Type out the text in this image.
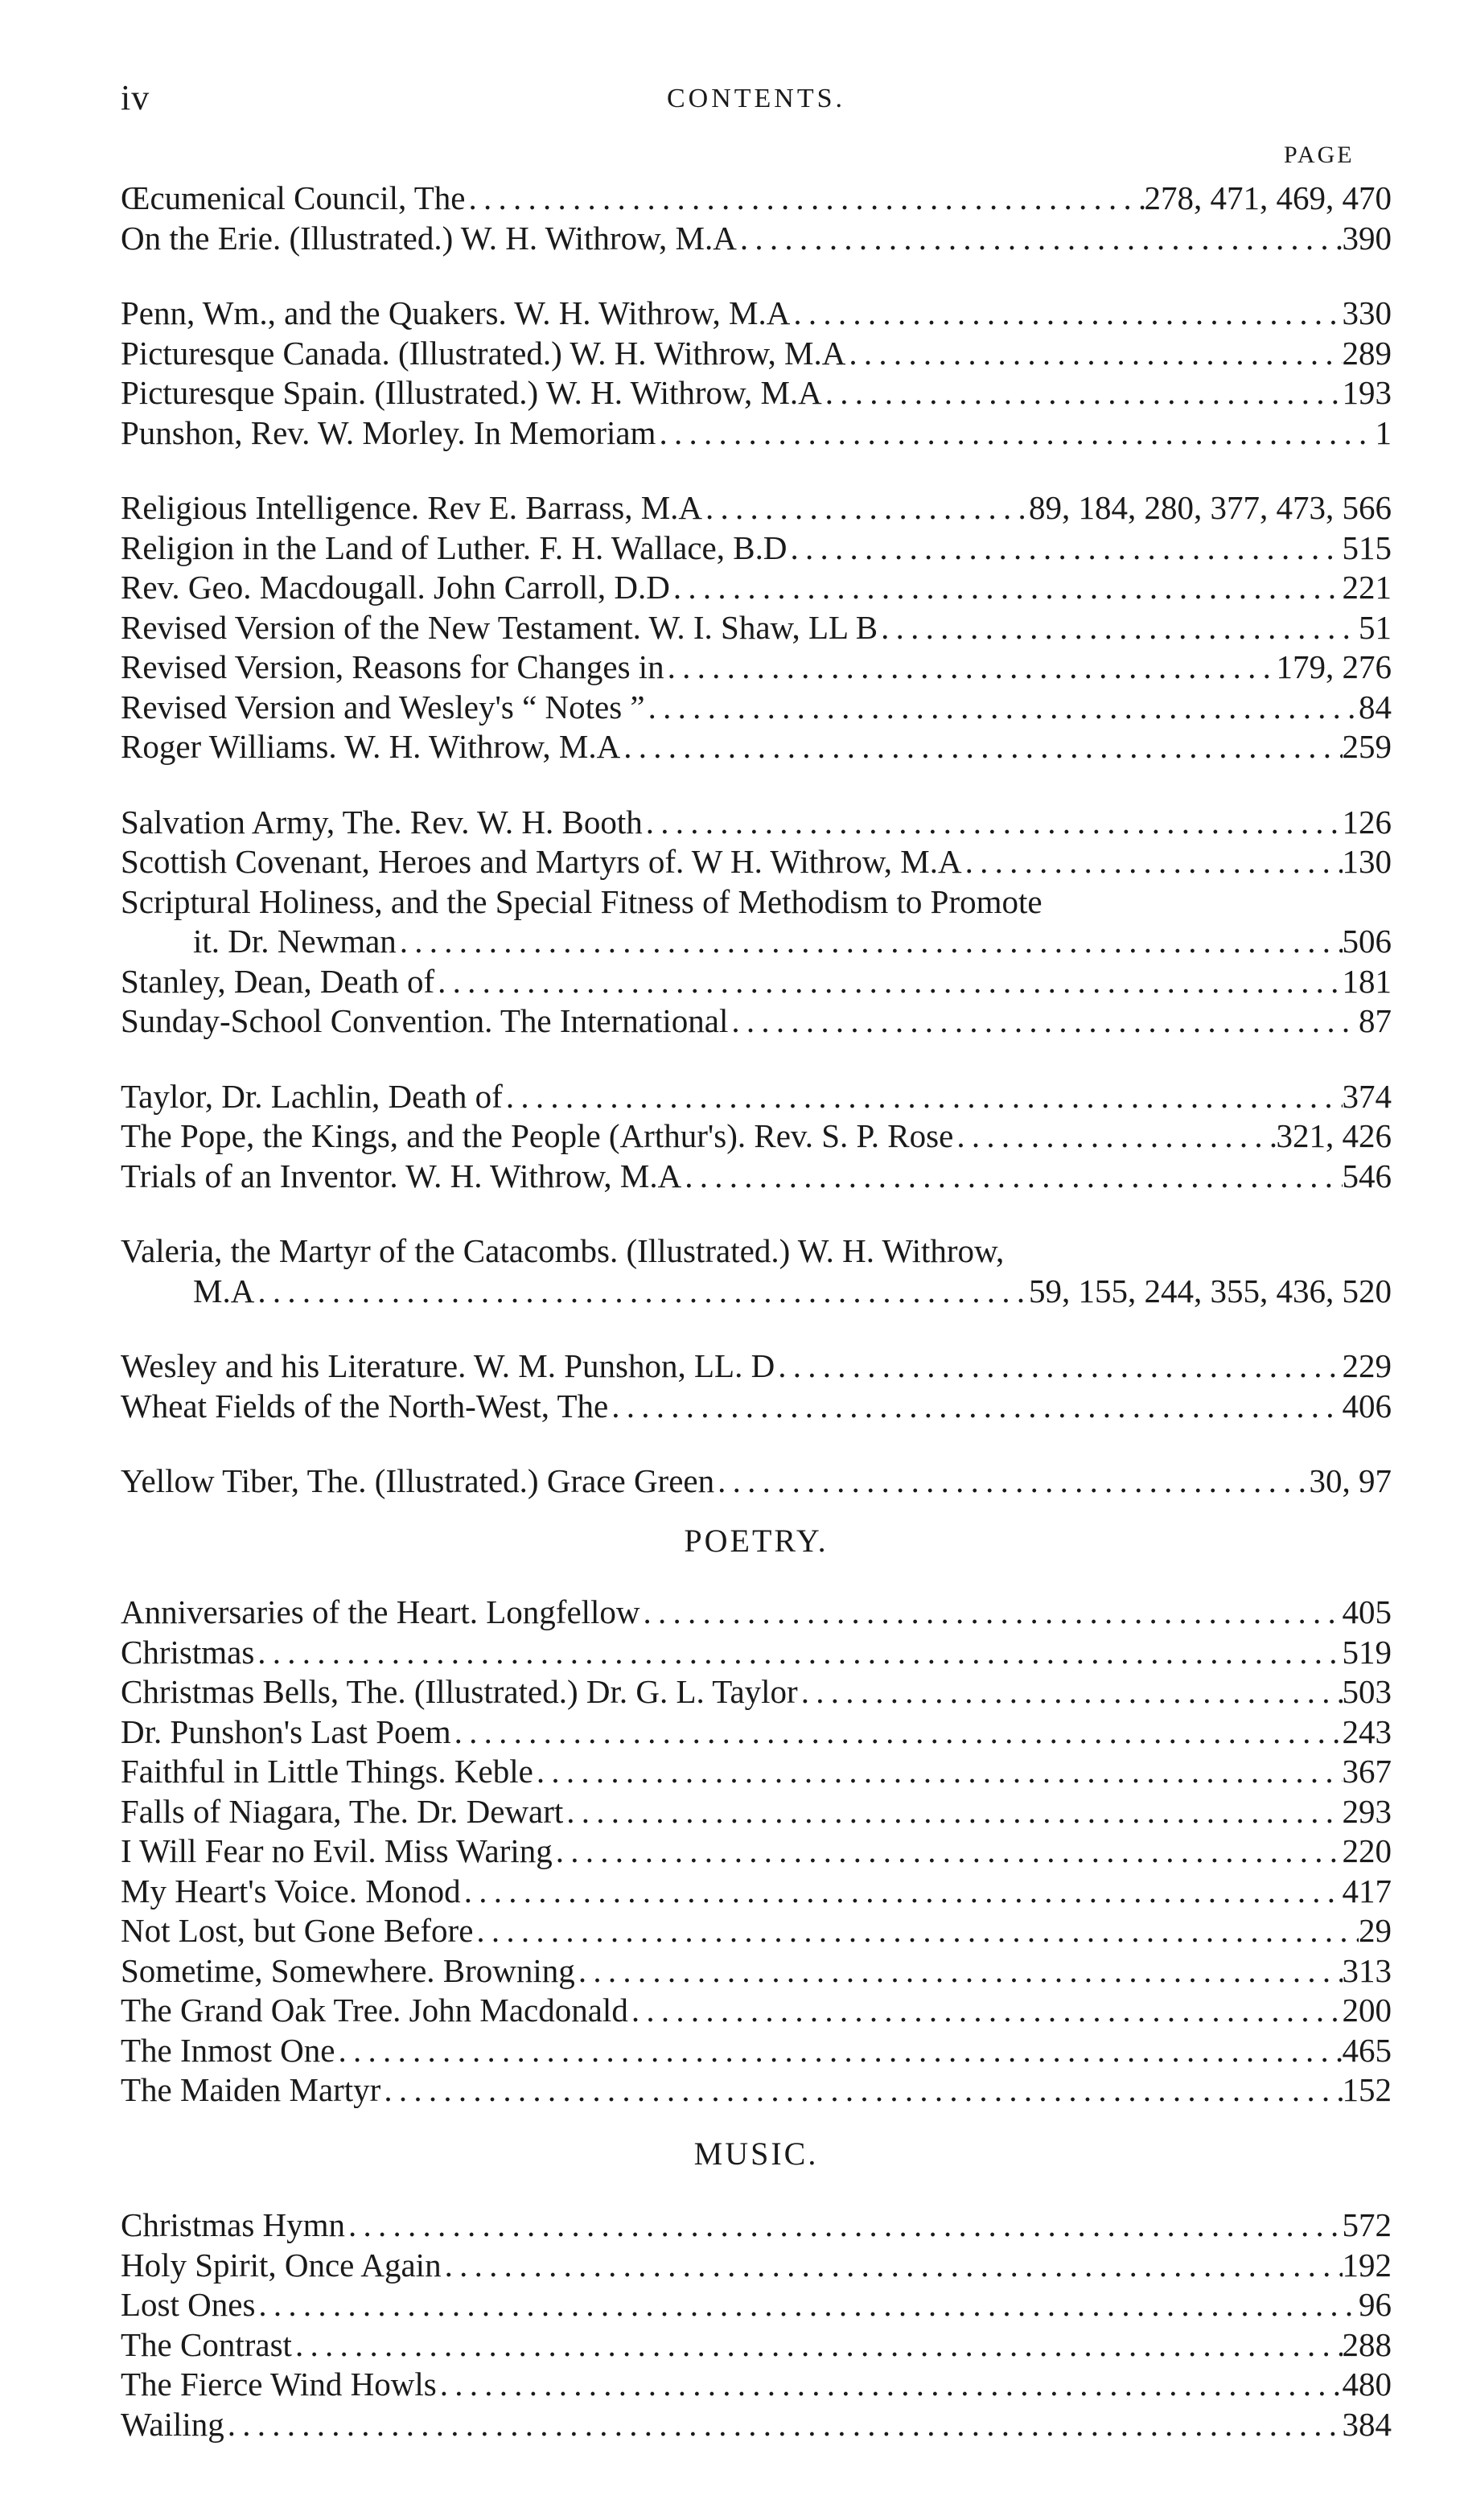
iv	CONTENTS.
PAGE
Œcumenical Council, The . . .	278, 471, 469, 470
On the Erie. (Illustrated.) W. H. Withrow, M.A . . .	390
Penn, Wm., and the Quakers. W. H. Withrow, M.A . . .	330
Picturesque Canada. (Illustrated.) W. H. Withrow, M.A . . .	289
Picturesque Spain. (Illustrated.) W. H. Withrow, M.A . . .	193
Punshon, Rev. W. Morley. In Memoriam . . .	1
Religious Intelligence. Rev E. Barrass, M.A . . .	89, 184, 280, 377, 473, 566
Religion in the Land of Luther. F. H. Wallace, B.D . . .	515
Rev. Geo. Macdougall. John Carroll, D.D . . .	221
Revised Version of the New Testament. W. I. Shaw, LL B . . .	51
Revised Version, Reasons for Changes in . . .	179, 276
Revised Version and Wesley's “ Notes ” . . .	84
Roger Williams. W. H. Withrow, M.A . . .	259
Salvation Army, The. Rev. W. H. Booth . . .	126
Scottish Covenant, Heroes and Martyrs of. W H. Withrow, M.A . . .	130
Scriptural Holiness, and the Special Fitness of Methodism to Promote
it. Dr. Newman . . .	506
Stanley, Dean, Death of . . .	181
Sunday-School Convention. The International . . .	87
Taylor, Dr. Lachlin, Death of . . .	374
The Pope, the Kings, and the People (Arthur's). Rev. S. P. Rose . . .	321, 426
Trials of an Inventor. W. H. Withrow, M.A . . .	546
Valeria, the Martyr of the Catacombs. (Illustrated.) W. H. Withrow,
M.A . . .	59, 155, 244, 355, 436, 520
Wesley and his Literature. W. M. Punshon, LL. D . . .	229
Wheat Fields of the North-West, The . . .	406
Yellow Tiber, The. (Illustrated.) Grace Green . . .	30, 97
POETRY.
Anniversaries of the Heart. Longfellow . . .	405
Christmas . . .	519
Christmas Bells, The. (Illustrated.) Dr. G. L. Taylor . . .	503
Dr. Punshon's Last Poem . . .	243
Faithful in Little Things. Keble . . .	367
Falls of Niagara, The. Dr. Dewart . . .	293
I Will Fear no Evil. Miss Waring . . .	220
My Heart's Voice. Monod . . .	417
Not Lost, but Gone Before . . .	29
Sometime, Somewhere. Browning . . .	313
The Grand Oak Tree. John Macdonald . . .	200
The Inmost One . . .	465
The Maiden Martyr . . .	152
MUSIC.
Christmas Hymn . . .	572
Holy Spirit, Once Again . . .	192
Lost Ones . . .	96
The Contrast . . .	288
The Fierce Wind Howls . . .	480
Wailing . . .	384
